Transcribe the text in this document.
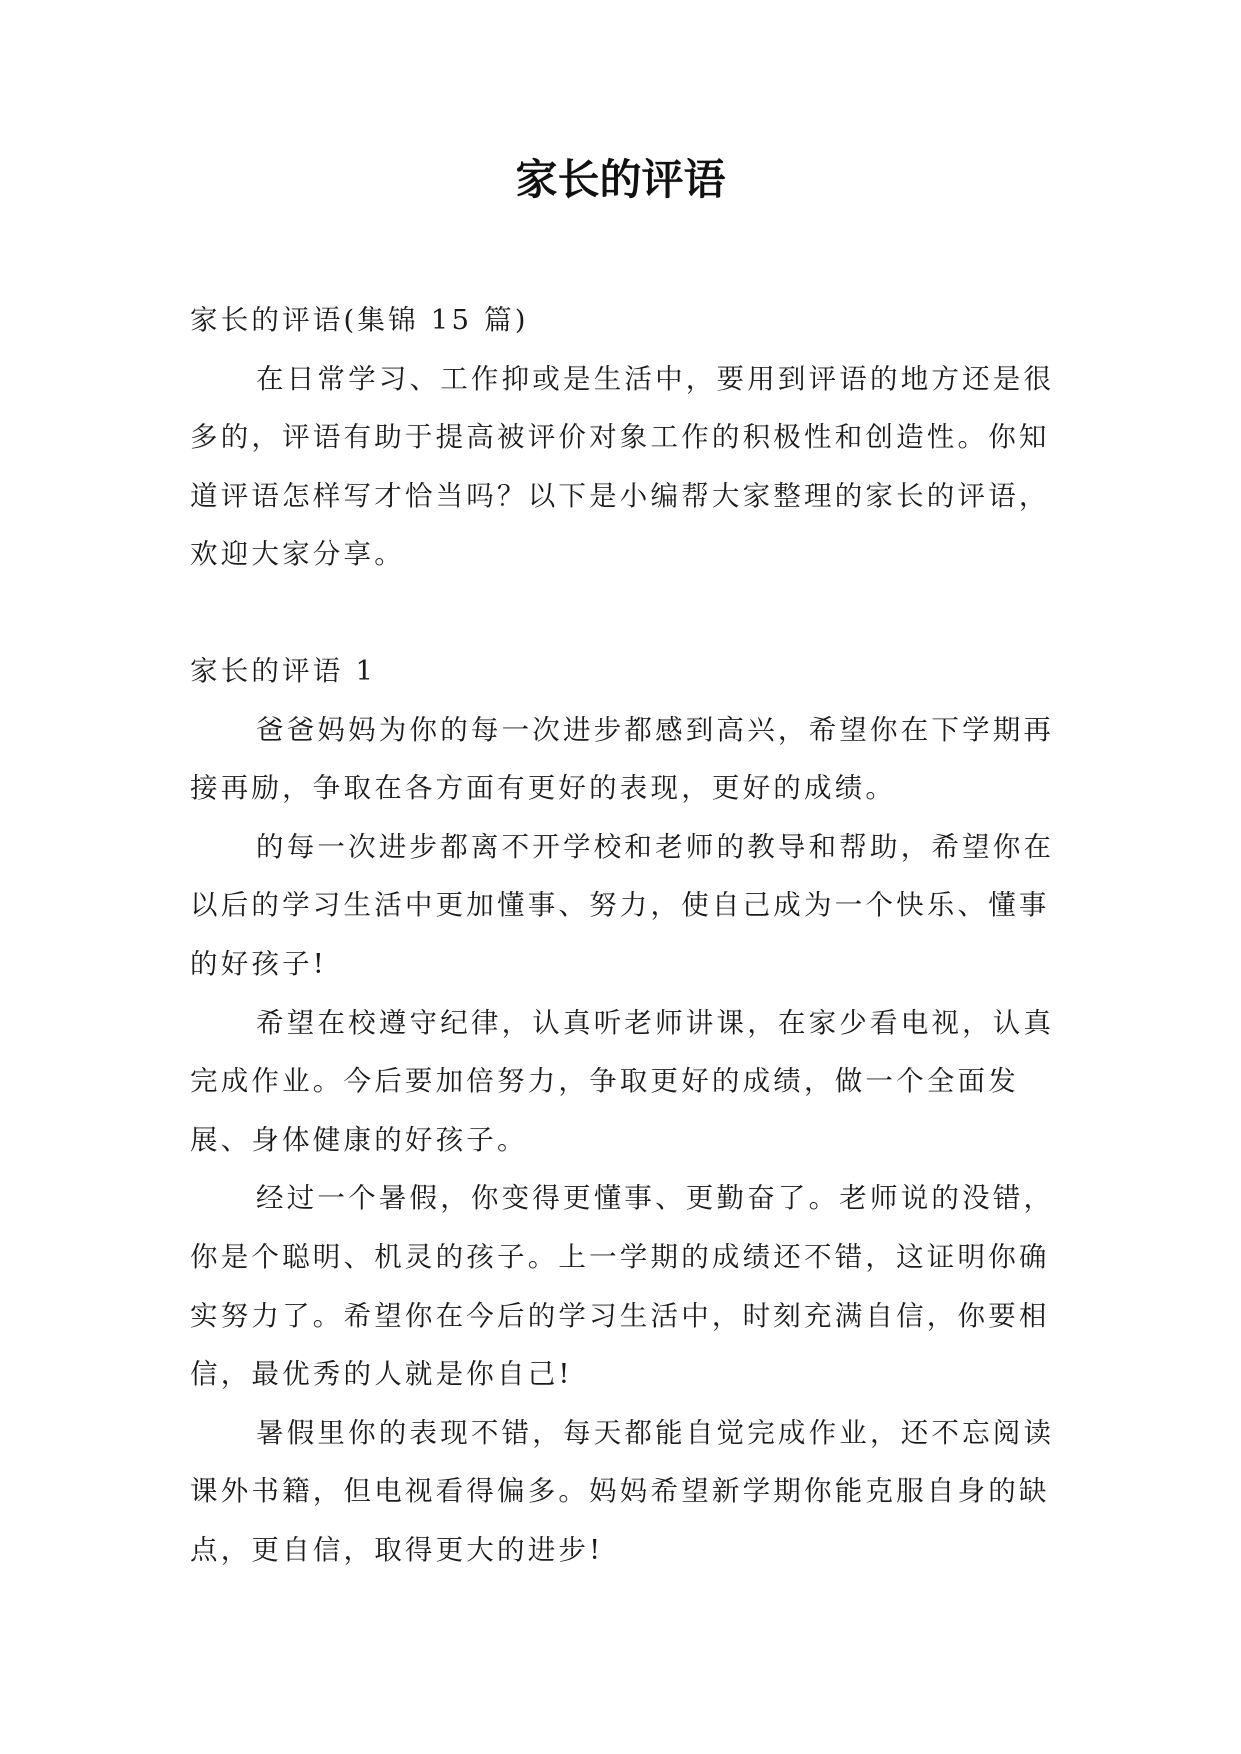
家长的评语

家长的评语(集锦 15 篇)

在日常学习、工作抑或是生活中，要用到评语的地方还是很多的，评语有助于提高被评价对象工作的积极性和创造性。你知道评语怎样写才恰当吗？以下是小编帮大家整理的家长的评语，欢迎大家分享。

家长的评语 1

爸爸妈妈为你的每一次进步都感到高兴，希望你在下学期再接再励，争取在各方面有更好的表现，更好的成绩。

的每一次进步都离不开学校和老师的教导和帮助，希望你在以后的学习生活中更加懂事、努力，使自己成为一个快乐、懂事的好孩子!

希望在校遵守纪律，认真听老师讲课，在家少看电视，认真完成作业。今后要加倍努力，争取更好的成绩，做一个全面发展、身体健康的好孩子。

经过一个暑假，你变得更懂事、更勤奋了。老师说的没错，你是个聪明、机灵的孩子。上一学期的成绩还不错，这证明你确实努力了。希望你在今后的学习生活中，时刻充满自信，你要相信，最优秀的人就是你自己!

暑假里你的表现不错，每天都能自觉完成作业，还不忘阅读课外书籍，但电视看得偏多。妈妈希望新学期你能克服自身的缺点，更自信，取得更大的进步!
